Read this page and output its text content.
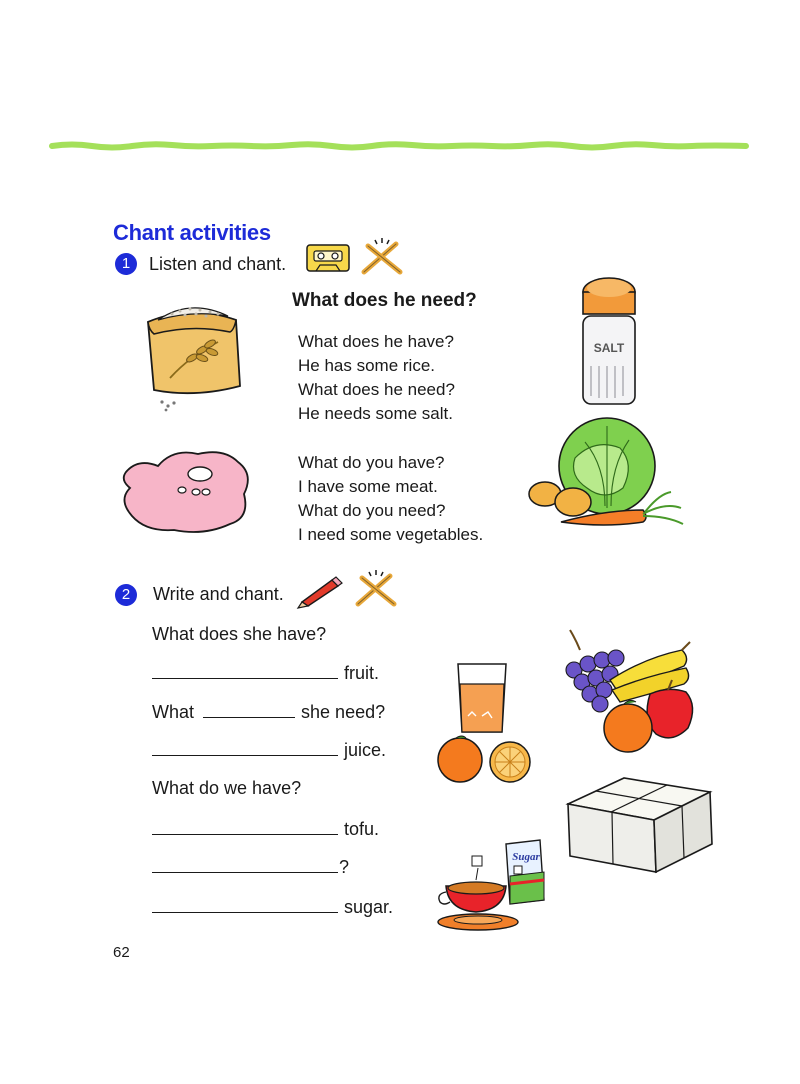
Chant activities
1	Listen and chant.
What does he need?
What does he have?
He has some rice.
What does he need?
He needs some salt.
What do you have?
I have some meat.
What do you need?
I need some vegetables.
SALT
2	Write and chant.
What does she have?
fruit.
What	she need?
juice.
What do we have?
tofu.
?
sugar.
Sugar
62
